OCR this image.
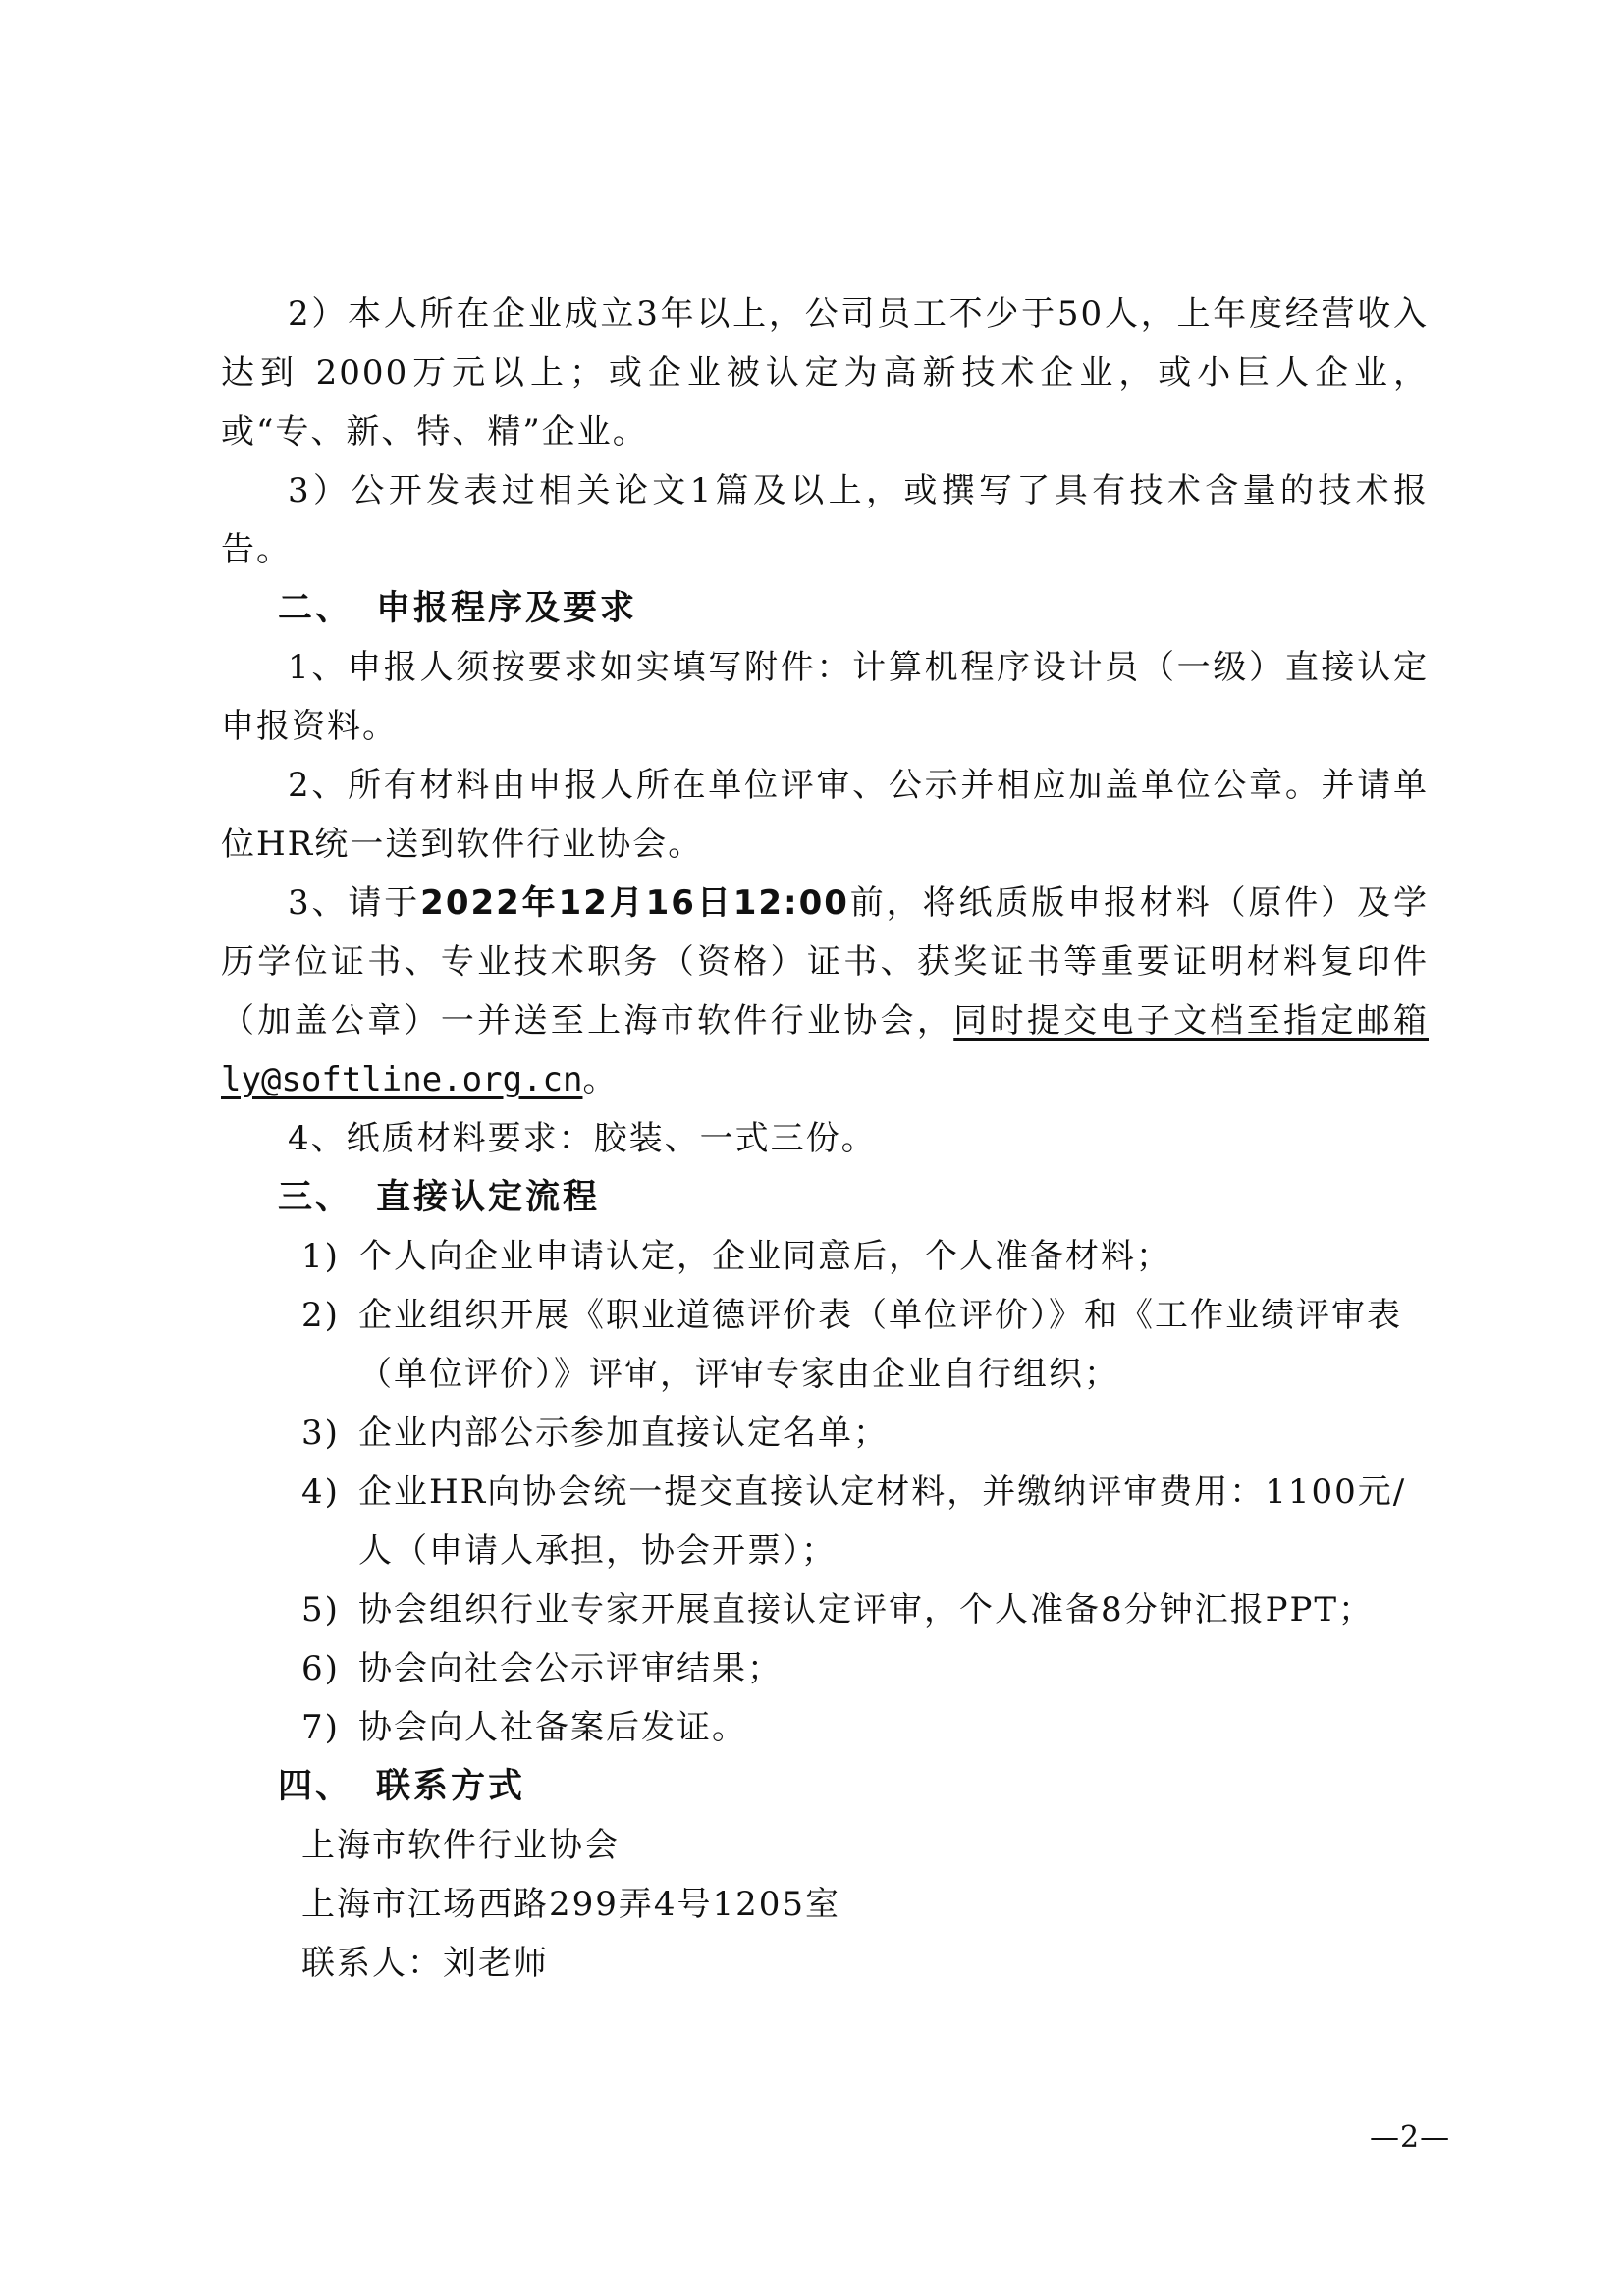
2）本人所在企业成立3年以上，公司员工不少于50人，上年度经营收入达到 2000万元以上；或企业被认定为高新技术企业，或小巨人企业，或“专、新、特、精”企业。

3）公开发表过相关论文1篇及以上，或撰写了具有技术含量的技术报告。

二、 申报程序及要求

1、申报人须按要求如实填写附件：计算机程序设计员（一级）直接认定申报资料。

2、所有材料由申报人所在单位评审、公示并相应加盖单位公章。并请单位HR统一送到软件行业协会。

3、请于2022年12月16日12:00前，将纸质版申报材料（原件）及学历学位证书、专业技术职务（资格）证书、获奖证书等重要证明材料复印件（加盖公章）一并送至上海市软件行业协会，同时提交电子文档至指定邮箱 ly@softline.org.cn。

4、纸质材料要求：胶装、一式三份。

三、 直接认定流程

1) 个人向企业申请认定，企业同意后，个人准备材料；

2) 企业组织开展《职业道德评价表（单位评价）》和《工作业绩评审表（单位评价）》评审，评审专家由企业自行组织；

3) 企业内部公示参加直接认定名单；

4) 企业HR向协会统一提交直接认定材料，并缴纳评审费用：1100元/人（申请人承担，协会开票）；

5) 协会组织行业专家开展直接认定评审，个人准备8分钟汇报PPT；

6) 协会向社会公示评审结果；

7) 协会向人社备案后发证。

四、 联系方式

上海市软件行业协会

上海市江场西路299弄4号1205室

联系人：刘老师

—2—
